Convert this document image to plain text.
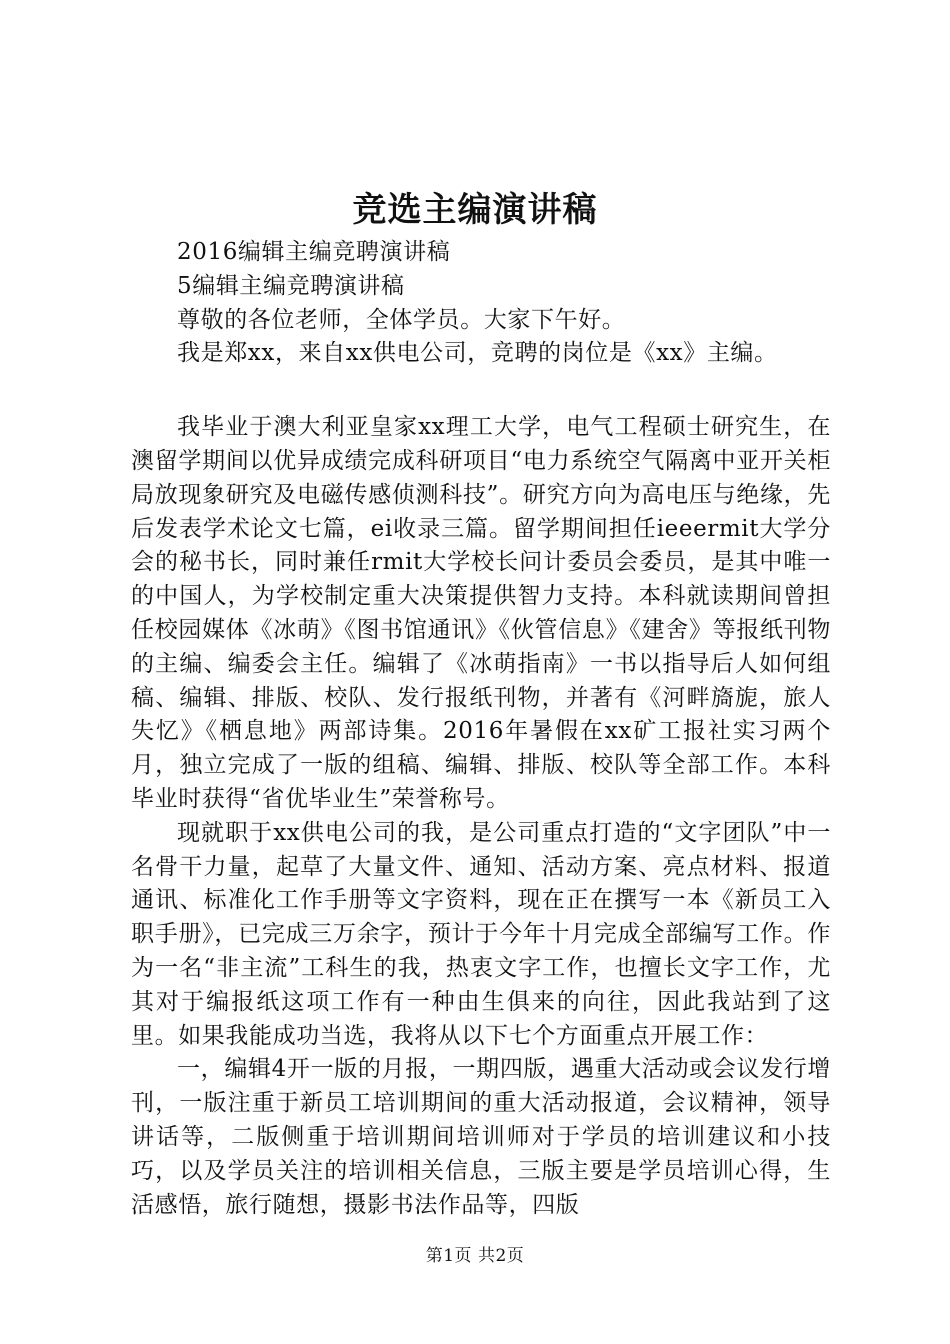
竞选主编演讲稿

2016编辑主编竞聘演讲稿

5编辑主编竞聘演讲稿

尊敬的各位老师，全体学员。大家下午好。

我是郑xx，来自xx供电公司，竞聘的岗位是《xx》主编。

我毕业于澳大利亚皇家xx理工大学，电气工程硕士研究生，在澳留学期间以优异成绩完成科研项目“电力系统空气隔离中亚开关柜局放现象研究及电磁传感侦测科技”。研究方向为高电压与绝缘，先后发表学术论文七篇，ei收录三篇。留学期间担任ieeermit大学分会的秘书长，同时兼任rmit大学校长问计委员会委员，是其中唯一的中国人，为学校制定重大决策提供智力支持。本科就读期间曾担任校园媒体《冰萌》《图书馆通讯》《伙管信息》《建舍》等报纸刊物的主编、编委会主任。编辑了《冰萌指南》一书以指导后人如何组稿、编辑、排版、校队、发行报纸刊物，并著有《河畔旖旎，旅人失忆》《栖息地》两部诗集。2016年暑假在xx矿工报社实习两个月，独立完成了一版的组稿、编辑、排版、校队等全部工作。本科毕业时获得“省优毕业生”荣誉称号。

现就职于xx供电公司的我，是公司重点打造的“文字团队”中一名骨干力量，起草了大量文件、通知、活动方案、亮点材料、报道通讯、标准化工作手册等文字资料，现在正在撰写一本《新员工入职手册》，已完成三万余字，预计于今年十月完成全部编写工作。作为一名“非主流”工科生的我，热衷文字工作，也擅长文字工作，尤其对于编报纸这项工作有一种由生俱来的向往，因此我站到了这里。如果我能成功当选，我将从以下七个方面重点开展工作：

一，编辑4开一版的月报，一期四版，遇重大活动或会议发行增刊，一版注重于新员工培训期间的重大活动报道，会议精神，领导讲话等，二版侧重于培训期间培训师对于学员的培训建议和小技巧，以及学员关注的培训相关信息，三版主要是学员培训心得，生活感悟，旅行随想，摄影书法作品等，四版

第1页 共2页
